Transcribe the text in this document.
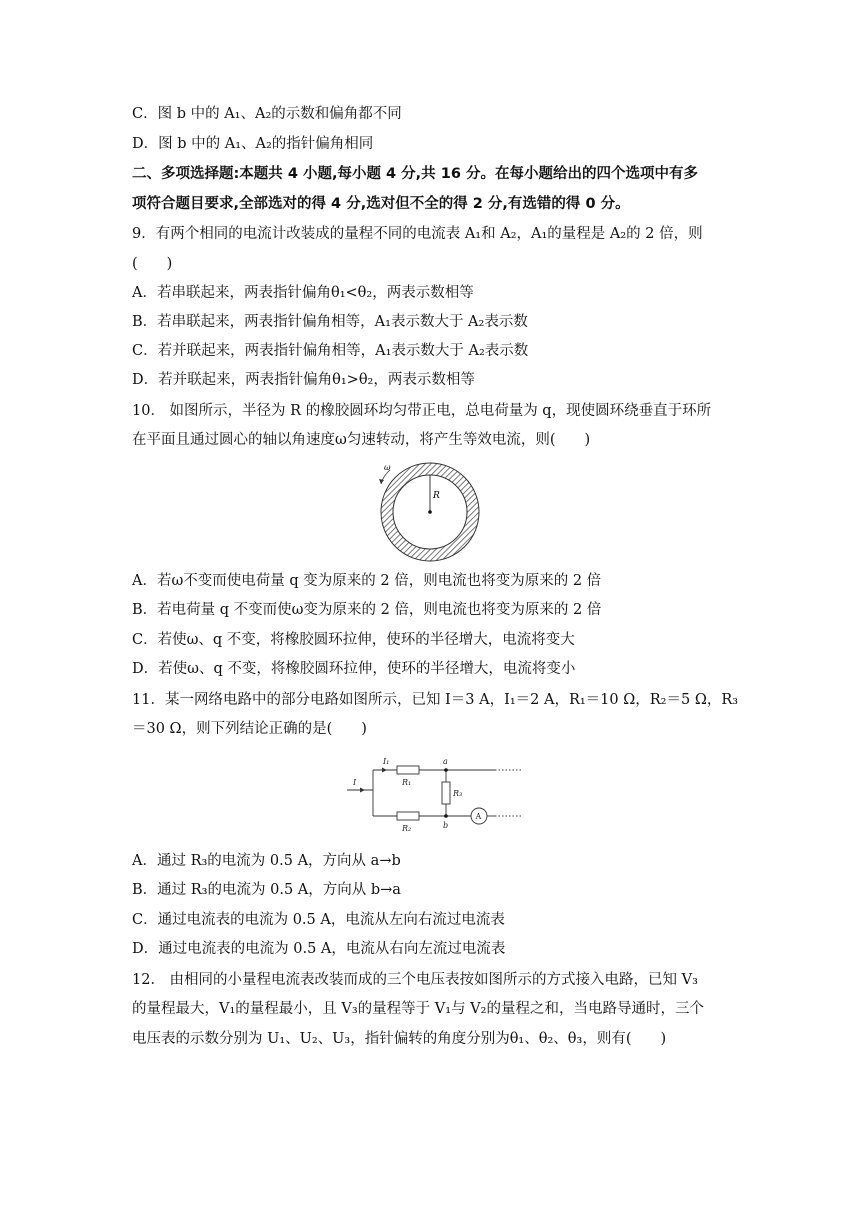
C．图 b 中的 A₁、A₂的示数和偏角都不同
D．图 b 中的 A₁、A₂的指针偏角相同
二、多项选择题:本题共 4 小题,每小题 4 分,共 16 分。在每小题给出的四个选项中有多
项符合题目要求,全部选对的得 4 分,选对但不全的得 2 分,有选错的得 0 分。
9．有两个相同的电流计改装成的量程不同的电流表 A₁和 A₂，A₁的量程是 A₂的 2 倍，则
(　　)
A．若串联起来，两表指针偏角θ₁<θ₂，两表示数相等
B．若串联起来，两表指针偏角相等，A₁表示数大于 A₂表示数
C．若并联起来，两表指针偏角相等，A₁表示数大于 A₂表示数
D．若并联起来，两表指针偏角θ₁>θ₂，两表示数相等
10． 如图所示，半径为 R 的橡胶圆环均匀带正电，总电荷量为 q，现使圆环绕垂直于环所
在平面且通过圆心的轴以角速度ω匀速转动，将产生等效电流，则(　　)
R
ω
A．若ω不变而使电荷量 q 变为原来的 2 倍，则电流也将变为原来的 2 倍
B．若电荷量 q 不变而使ω变为原来的 2 倍，则电流也将变为原来的 2 倍
C．若使ω、q 不变，将橡胶圆环拉伸，使环的半径增大，电流将变大
D．若使ω、q 不变，将橡胶圆环拉伸，使环的半径增大，电流将变小
11．某一网络电路中的部分电路如图所示，已知 I＝3 A，I₁＝2 A，R₁＝10 Ω，R₂＝5 Ω，R₃
＝30 Ω，则下列结论正确的是(　　)
I
I₁
R₁
R₂
R₃
a
b
A
A．通过 R₃的电流为 0.5 A，方向从 a→b
B．通过 R₃的电流为 0.5 A，方向从 b→a
C．通过电流表的电流为 0.5 A，电流从左向右流过电流表
D．通过电流表的电流为 0.5 A，电流从右向左流过电流表
12． 由相同的小量程电流表改装而成的三个电压表按如图所示的方式接入电路，已知 V₃
的量程最大，V₁的量程最小，且 V₃的量程等于 V₁与 V₂的量程之和，当电路导通时，三个
电压表的示数分别为 U₁、U₂、U₃，指针偏转的角度分别为θ₁、θ₂、θ₃，则有(　　)
